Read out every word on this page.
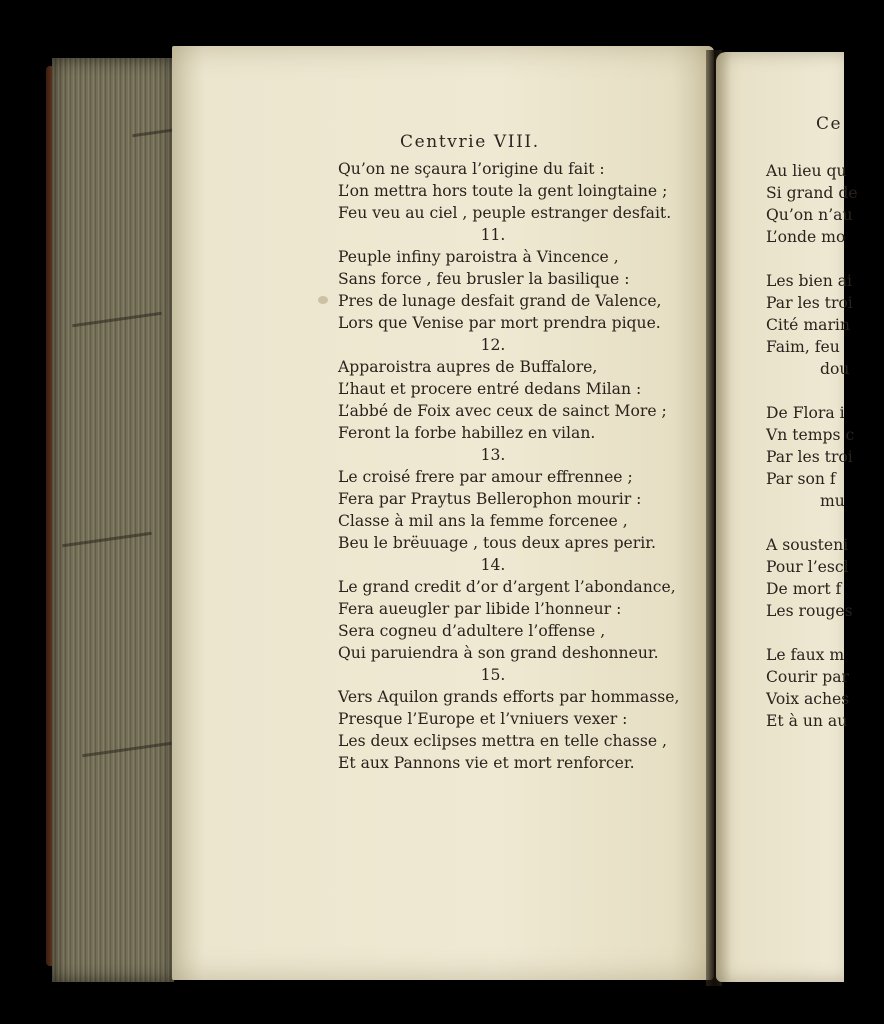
Centvrie VIII.
Qu’on ne sçaura l’origine du fait :
L’on mettra hors toute la gent loingtaine ;
Feu veu au ciel , peuple estranger desfait.
11.
Peuple infiny paroistra à Vincence ,
Sans force , feu brusler la basilique :
Pres de lunage desfait grand de Valence,
Lors que Venise par mort prendra pique.
12.
Apparoistra aupres de Buffalore,
L’haut et procere entré dedans Milan :
L’abbé de Foix avec ceux de sainct More ;
Feront la forbe habillez en vilan.
13.
Le croisé frere par amour effrennee ;
Fera par Praytus Bellerophon mourir :
Classe à mil ans la femme forcenee ,
Beu le brëuuage , tous deux apres perir.
14.
Le grand credit d’or d’argent l’abondance,
Fera aueugler par libide l’honneur :
Sera cogneu d’adultere l’offense ,
Qui paruiendra à son grand deshonneur.
15.
Vers Aquilon grands efforts par hommasse,
Presque l’Europe et l’vniuers vexer :
Les deux eclipses mettra en telle chasse ,
Et aux Pannons vie et mort renforcer.
Ce
Au lieu qu
Si grand de
Qu’on n’au
L’onde mo
Les bien ai
Par les troi
Cité marin
Faim, feu
dou
De Flora i
Vn temps c
Par les troi
Par son f
mu
A sousteni
Pour l’escl
De mort f
Les rouges
Le faux m
Courir par
Voix aches
Et à un au
